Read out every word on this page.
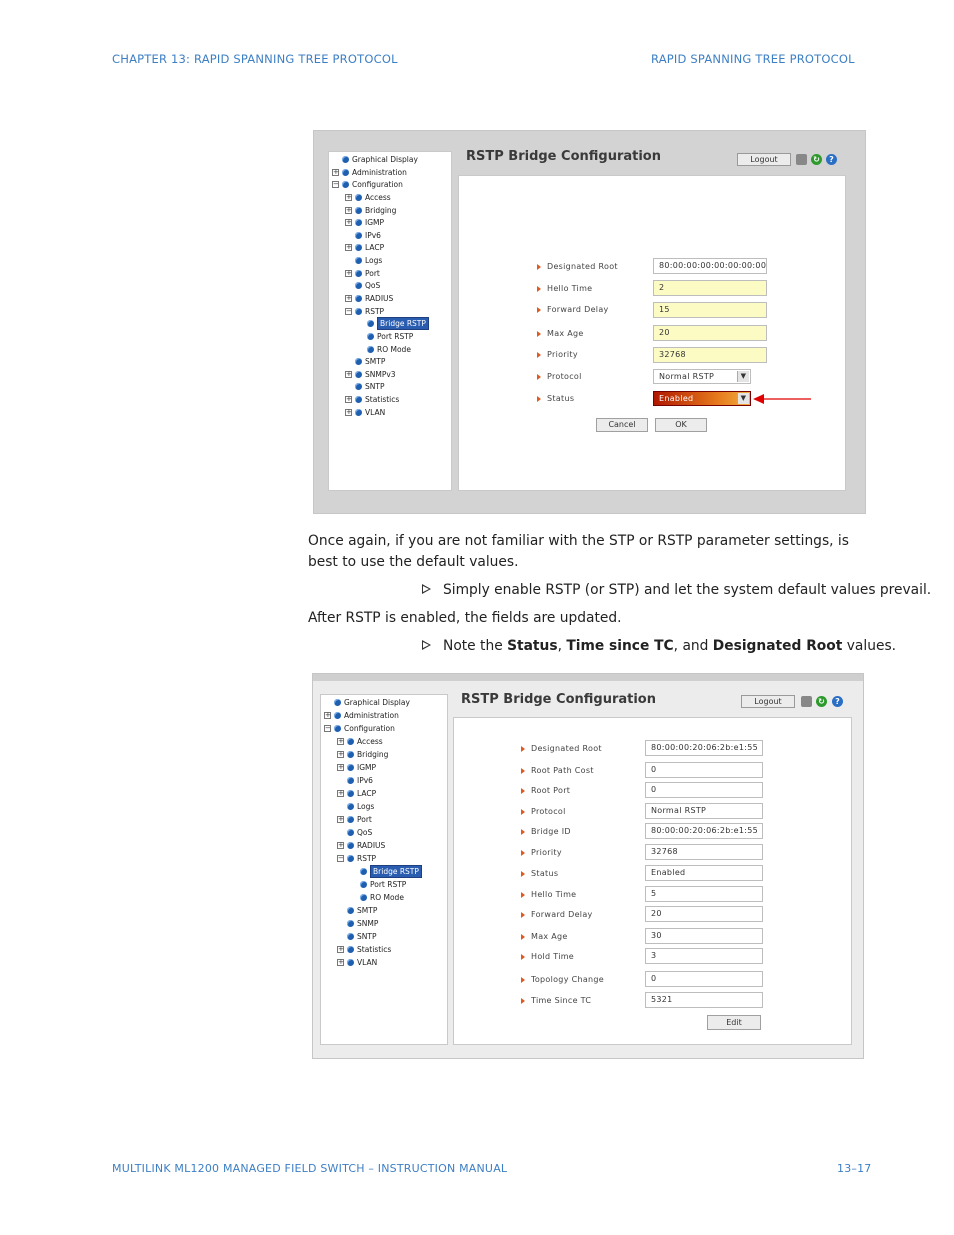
CHAPTER 13: RAPID SPANNING TREE PROTOCOL	RAPID SPANNING TREE PROTOCOL
Graphical Display
+ Administration
− Configuration
+ Access
+ Bridging
+ IGMP
IPv6
+ LACP
Logs
+ Port
QoS
+ RADIUS
− RSTP
Bridge RSTP
Port RSTP
RO Mode
SMTP
+ SNMPv3
SNTP
+ Statistics
+ VLAN
RSTP Bridge Configuration	Logout	↻	?
Designated Root	80:00:00:00:00:00:00:00
Hello Time	2
Forward Delay	15
Max Age	20
Priority	32768
Protocol	Normal RSTP	▼
Status	Enabled	▼
Cancel	OK
Once again, if you are not familiar with the STP or RSTP parameter settings, is best to use the default values.
Simply enable RSTP (or STP) and let the system default values prevail.
After RSTP is enabled, the fields are updated.
Note the Status, Time since TC, and Designated Root values.
Graphical Display
+ Administration
− Configuration
+ Access
+ Bridging
+ IGMP
IPv6
+ LACP
Logs
+ Port
QoS
+ RADIUS
− RSTP
Bridge RSTP
Port RSTP
RO Mode
SMTP
SNMP
SNTP
+ Statistics
+ VLAN
RSTP Bridge Configuration	Logout	↻	?
Designated Root	80:00:00:20:06:2b:e1:55
Root Path Cost	0
Root Port	0
Protocol	Normal RSTP
Bridge ID	80:00:00:20:06:2b:e1:55
Priority	32768
Status	Enabled
Hello Time	5
Forward Delay	20
Max Age	30
Hold Time	3
Topology Change	0
Time Since TC	5321
Edit
MULTILINK ML1200 MANAGED FIELD SWITCH – INSTRUCTION MANUAL	13–17
